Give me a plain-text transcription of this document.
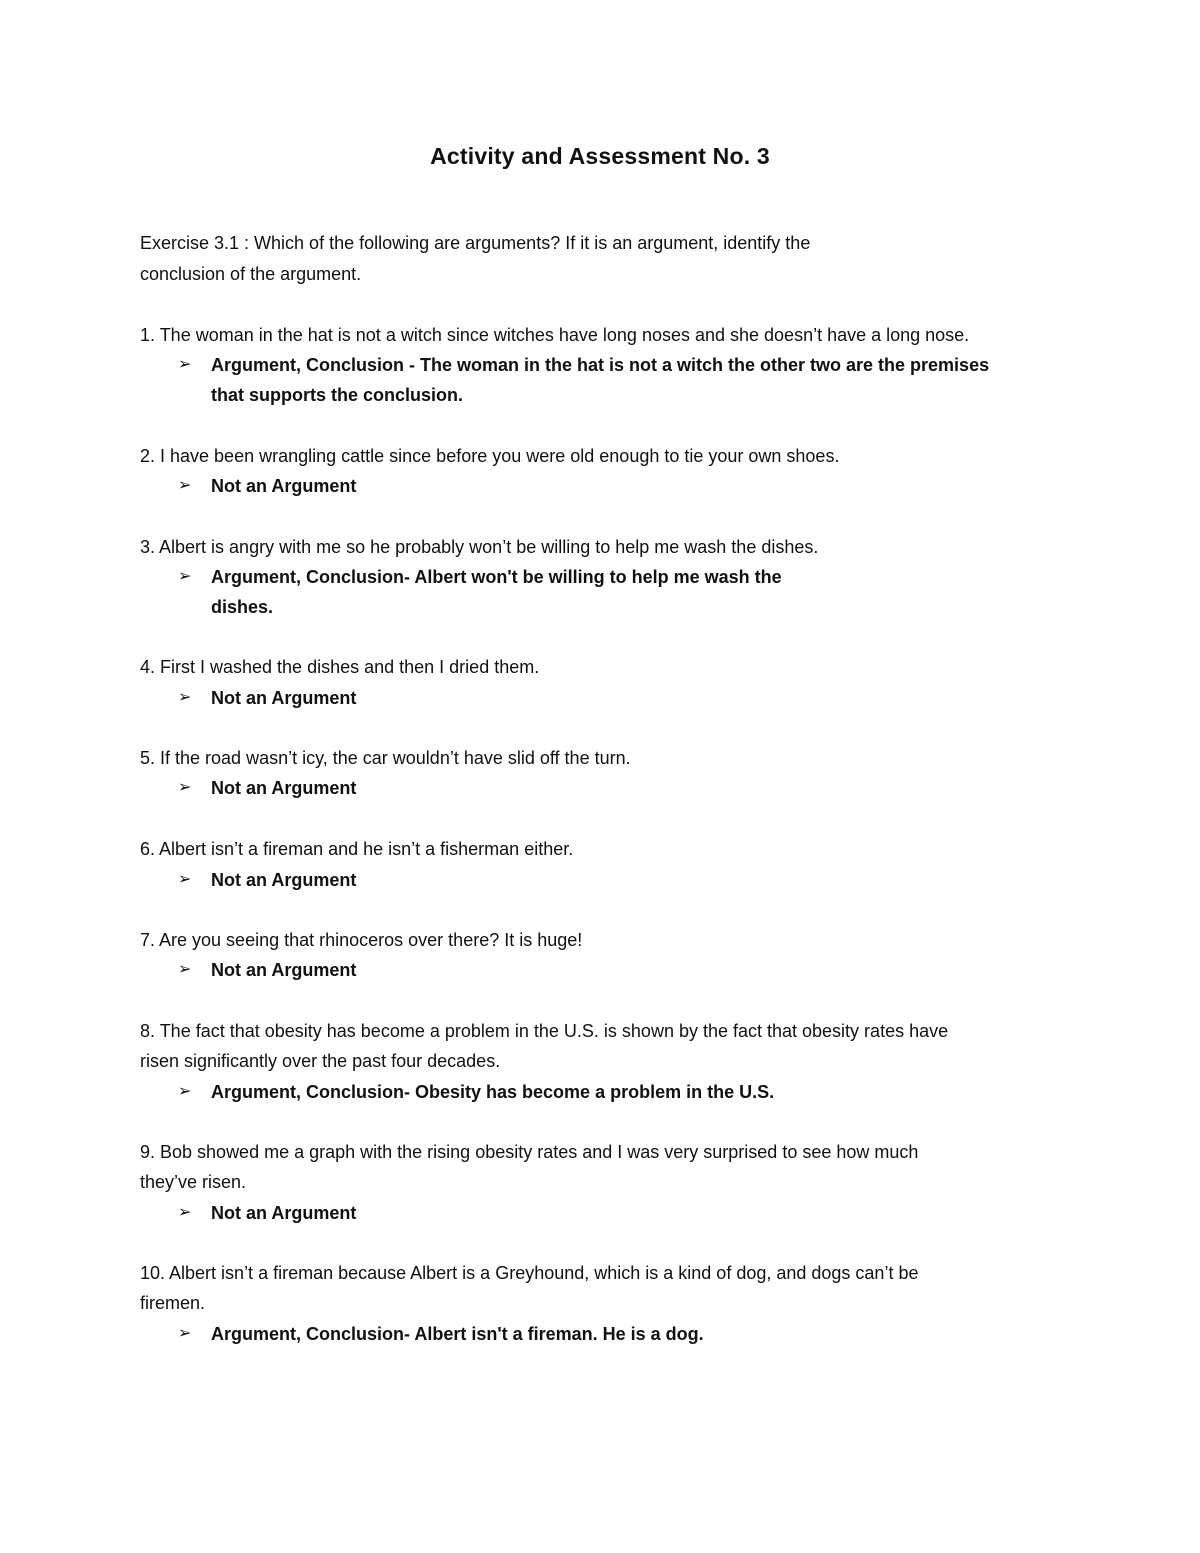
Activity and Assessment No. 3
Exercise 3.1 : Which of the following are arguments? If it is an argument, identify the
conclusion of the argument.
1. The woman in the hat is not a witch since witches have long noses and she doesn’t have a long nose.
➢ Argument, Conclusion - The woman in the hat is not a witch the other two are the premises
that supports the conclusion.
2. I have been wrangling cattle since before you were old enough to tie your own shoes.
➢ Not an Argument
3. Albert is angry with me so he probably won’t be willing to help me wash the dishes.
➢ Argument, Conclusion- Albert won't be willing to help me wash the
dishes.
4. First I washed the dishes and then I dried them.
➢ Not an Argument
5. If the road wasn’t icy, the car wouldn’t have slid off the turn.
➢ Not an Argument
6. Albert isn’t a fireman and he isn’t a fisherman either.
➢ Not an Argument
7. Are you seeing that rhinoceros over there? It is huge!
➢ Not an Argument
8. The fact that obesity has become a problem in the U.S. is shown by the fact that obesity rates have
risen significantly over the past four decades.
➢ Argument, Conclusion- Obesity has become a problem in the U.S.
9. Bob showed me a graph with the rising obesity rates and I was very surprised to see how much
they’ve risen.
➢ Not an Argument
10. Albert isn’t a fireman because Albert is a Greyhound, which is a kind of dog, and dogs can’t be
firemen.
➢ Argument, Conclusion- Albert isn't a fireman. He is a dog.
